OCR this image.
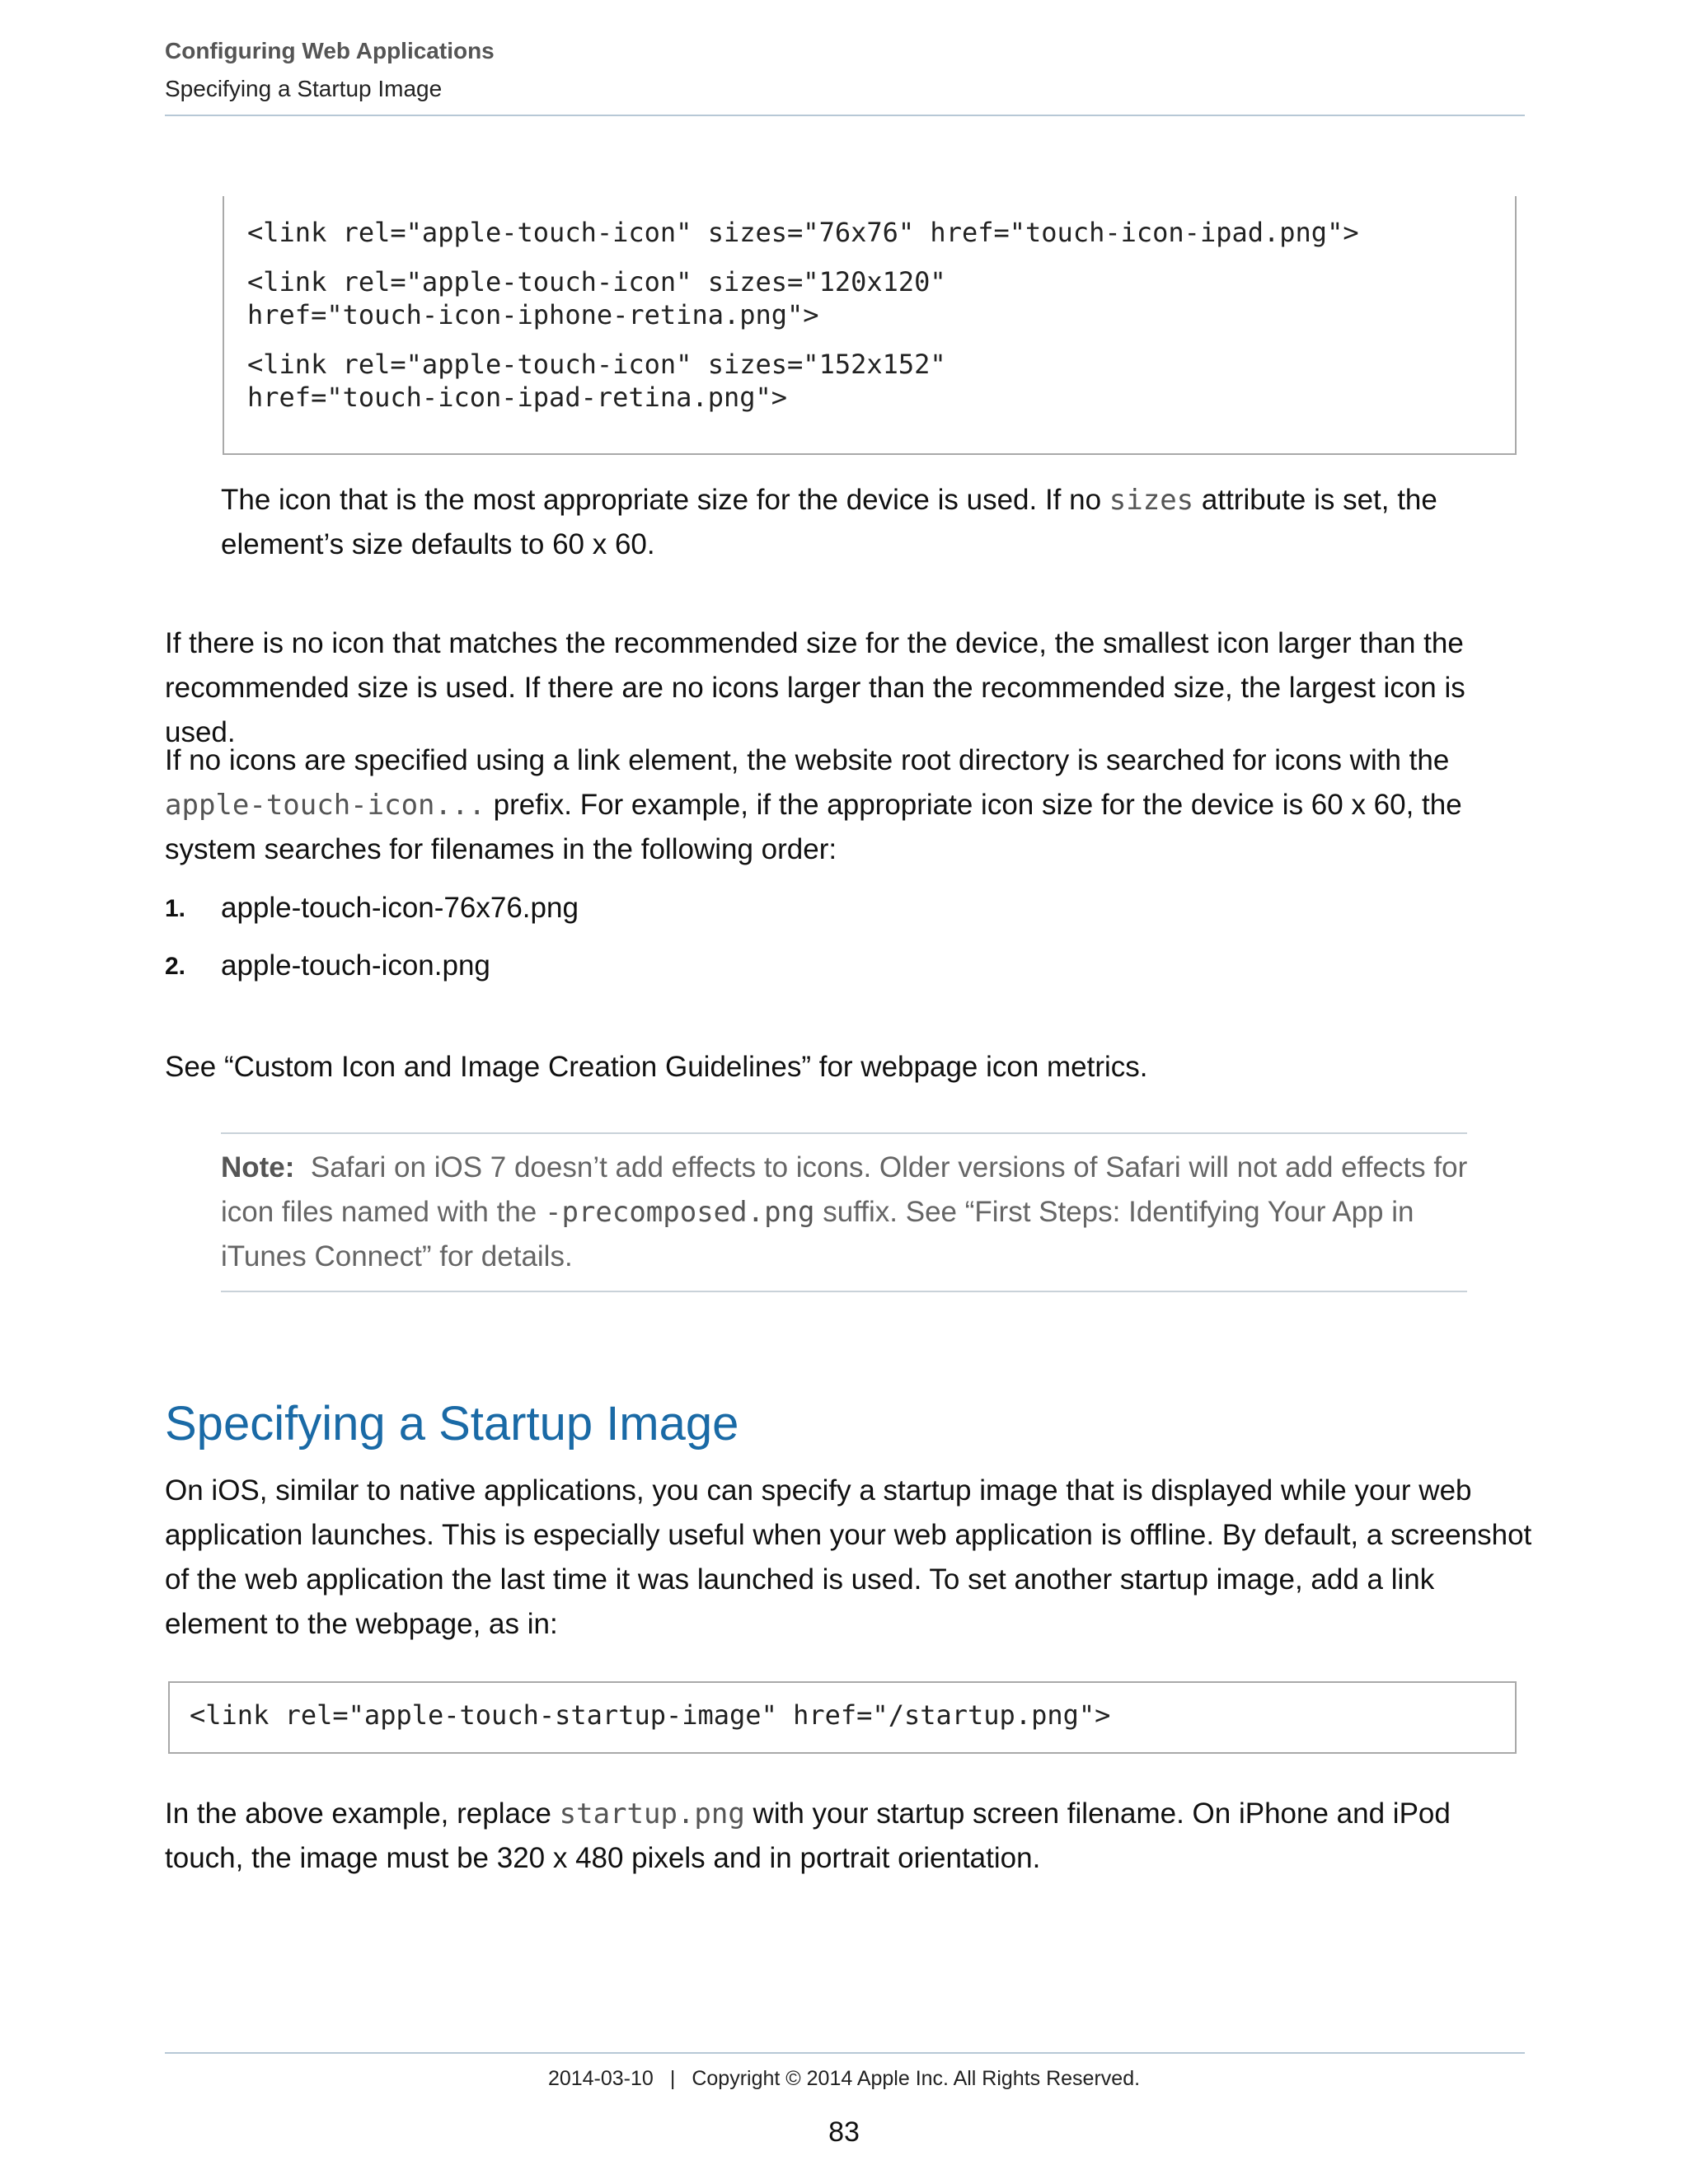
Configuring Web Applications
Specifying a Startup Image
<link rel="apple-touch-icon" sizes="76x76" href="touch-icon-ipad.png">
<link rel="apple-touch-icon" sizes="120x120"
href="touch-icon-iphone-retina.png">
<link rel="apple-touch-icon" sizes="152x152"
href="touch-icon-ipad-retina.png">
The icon that is the most appropriate size for the device is used. If no sizes attribute is set, the element’s size defaults to 60 x 60.
If there is no icon that matches the recommended size for the device, the smallest icon larger than the recommended size is used. If there are no icons larger than the recommended size, the largest icon is used.
If no icons are specified using a link element, the website root directory is searched for icons with the apple-touch-icon... prefix. For example, if the appropriate icon size for the device is 60 x 60, the system searches for filenames in the following order:
1. apple-touch-icon-76x76.png
2. apple-touch-icon.png
See “Custom Icon and Image Creation Guidelines” for webpage icon metrics.
Note: Safari on iOS 7 doesn’t add effects to icons. Older versions of Safari will not add effects for icon files named with the -precomposed.png suffix. See “First Steps: Identifying Your App in iTunes Connect” for details.
Specifying a Startup Image
On iOS, similar to native applications, you can specify a startup image that is displayed while your web application launches. This is especially useful when your web application is offline. By default, a screenshot of the web application the last time it was launched is used. To set another startup image, add a link element to the webpage, as in:
<link rel="apple-touch-startup-image" href="/startup.png">
In the above example, replace startup.png with your startup screen filename. On iPhone and iPod touch, the image must be 320 x 480 pixels and in portrait orientation.
2014-03-10 | Copyright © 2014 Apple Inc. All Rights Reserved.
83
